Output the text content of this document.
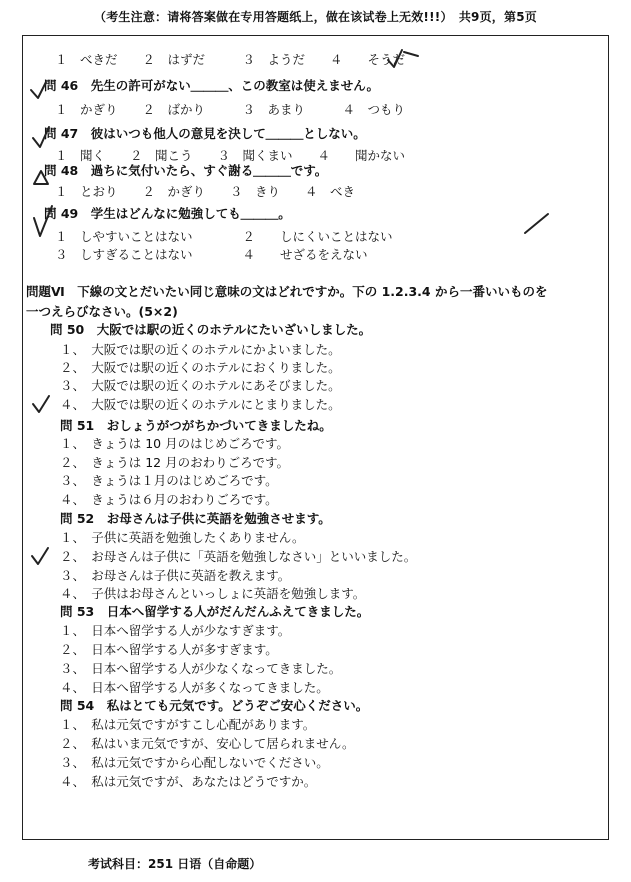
（考生注意：请将答案做在专用答题纸上，做在该试卷上无效!!!）　共9页，第5页
１　べきだ　　２　はずだ　　　３　ようだ　　４　　そうだ
問 46　先生の許可がない＿＿＿、この教室は使えません。
１　かぎり　　２　ばかり　　　３　あまり　　　４　つもり
問 47　彼はいつも他人の意見を決して＿＿＿としない。
１　聞く　　２　聞こう　　３　聞くまい　　４　　聞かない
問 48　過ちに気付いたら、すぐ謝る＿＿＿です。
１　とおり　　２　かぎり　　３　きり　　４　べき
問 49　学生はどんなに勉強しても＿＿＿。
１　しやすいことはない　　　　２　　しにくいことはない
３　しすぎることはない　　　　４　　せざるをえない
問題Ⅵ　下線の文とだいたい同じ意味の文はどれですか。下の 1.2.3.4 から一番いいものを
一つえらびなさい。(5×2)
問 50　大阪では駅の近くのホテルにたいざいしました。
１、　大阪では駅の近くのホテルにかよいました。
２、　大阪では駅の近くのホテルにおくりました。
３、　大阪では駅の近くのホテルにあそびました。
４、　大阪では駅の近くのホテルにとまりました。
問 51　おしょうがつがちかづいてきましたね。
１、　きょうは 10 月のはじめごろです。
２、　きょうは 12 月のおわりごろです。
３、　きょうは１月のはじめごろです。
４、　きょうは６月のおわりごろです。
問 52　お母さんは子供に英語を勉強させます。
１、　子供に英語を勉強したくありません。
２、　お母さんは子供に「英語を勉強しなさい」といいました。
３、　お母さんは子供に英語を教えます。
４、　子供はお母さんといっしょに英語を勉強します。
問 53　日本へ留学する人がだんだんふえてきました。
１、　日本へ留学する人が少なすぎます。
２、　日本へ留学する人が多すぎます。
３、　日本へ留学する人が少なくなってきました。
４、　日本へ留学する人が多くなってきました。
問 54　私はとても元気です。どうぞご安心ください。
１、　私は元気ですがすこし心配があります。
２、　私はいま元気ですが、安心して居られません。
３、　私は元気ですから心配しないでください。
４、　私は元気ですが、あなたはどうですか。
考试科目：251 日语（自命题）
